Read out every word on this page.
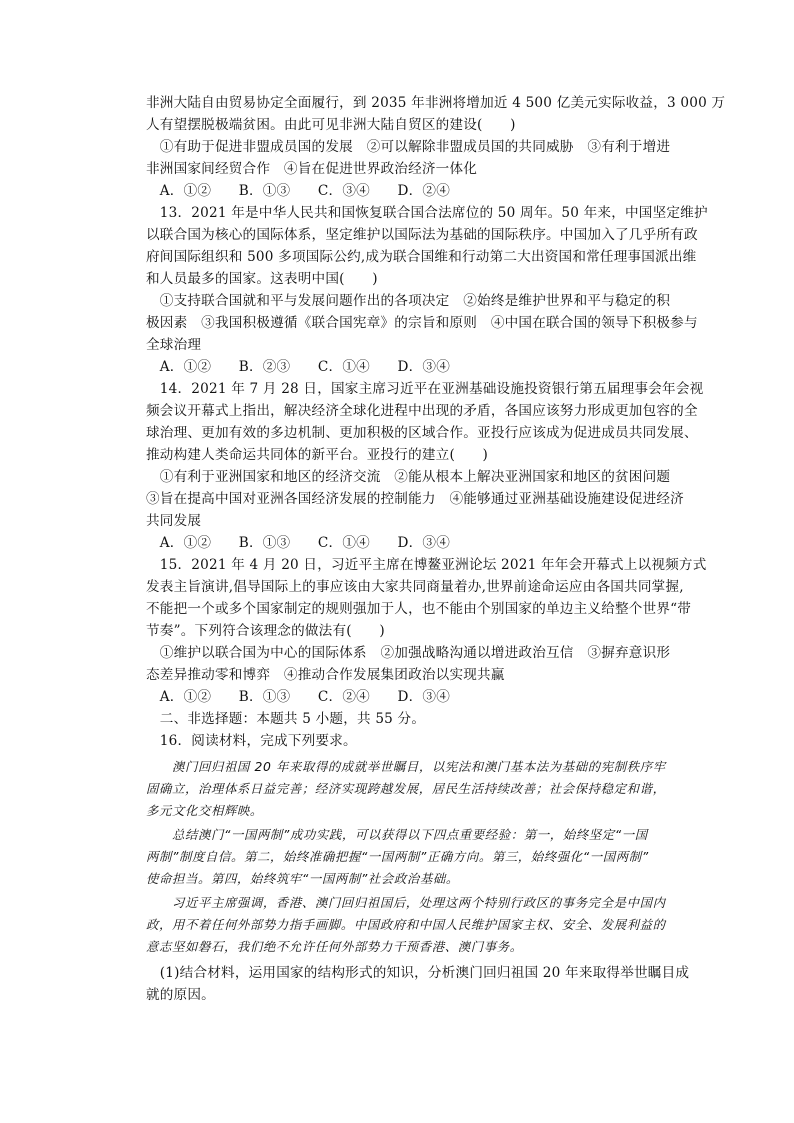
非洲大陆自由贸易协定全面履行，到 2035 年非洲将增加近 4 500 亿美元实际收益，3 000 万
人有望摆脱极端贫困。由此可见非洲大陆自贸区的建设(　　)
　①有助于促进非盟成员国的发展　②可以解除非盟成员国的共同威胁　③有利于增进
非洲国家间经贸合作　④旨在促进世界政治经济一体化
　A．①②　　B．①③　　C．③④　　D．②④
　13．2021 年是中华人民共和国恢复联合国合法席位的 50 周年。50 年来，中国坚定维护
以联合国为核心的国际体系，坚定维护以国际法为基础的国际秩序。中国加入了几乎所有政
府间国际组织和 500 多项国际公约,成为联合国维和行动第二大出资国和常任理事国派出维
和人员最多的国家。这表明中国(　　)
　①支持联合国就和平与发展问题作出的各项决定　②始终是维护世界和平与稳定的积
极因素　③我国积极遵循《联合国宪章》的宗旨和原则　④中国在联合国的领导下积极参与
全球治理
　A．①②　　B．②③　　C．①④　　D．③④
　14．2021 年 7 月 28 日，国家主席习近平在亚洲基础设施投资银行第五届理事会年会视
频会议开幕式上指出，解决经济全球化进程中出现的矛盾，各国应该努力形成更加包容的全
球治理、更加有效的多边机制、更加积极的区域合作。亚投行应该成为促进成员共同发展、
推动构建人类命运共同体的新平台。亚投行的建立(　　)
　①有利于亚洲国家和地区的经济交流　②能从根本上解决亚洲国家和地区的贫困问题
③旨在提高中国对亚洲各国经济发展的控制能力　④能够通过亚洲基础设施建设促进经济
共同发展
　A．①②　　B．①③　　C．①④　　D．③④
　15．2021 年 4 月 20 日，习近平主席在博鳌亚洲论坛 2021 年年会开幕式上以视频方式
发表主旨演讲,倡导国际上的事应该由大家共同商量着办,世界前途命运应由各国共同掌握,
不能把一个或多个国家制定的规则强加于人，也不能由个别国家的单边主义给整个世界“带
节奏”。下列符合该理念的做法有(　　)
　①维护以联合国为中心的国际体系　②加强战略沟通以增进政治互信　③摒弃意识形
态差异推动零和博弈　④推动合作发展集团政治以实现共赢
　A．①②　　B．①③　　C．②④　　D．③④
　二、非选择题：本题共 5 小题，共 55 分。
　16．阅读材料，完成下列要求。
　　澳门回归祖国 20 年来取得的成就举世瞩目，以宪法和澳门基本法为基础的宪制秩序牢
固确立，治理体系日益完善；经济实现跨越发展，居民生活持续改善；社会保持稳定和谐，
多元文化交相辉映。
　　总结澳门“一国两制”成功实践，可以获得以下四点重要经验：第一，始终坚定“一国
两制”制度自信。第二，始终准确把握“一国两制”正确方向。第三，始终强化“一国两制”
使命担当。第四，始终筑牢“一国两制”社会政治基础。
　　习近平主席强调，香港、澳门回归祖国后，处理这两个特别行政区的事务完全是中国内
政，用不着任何外部势力指手画脚。中国政府和中国人民维护国家主权、安全、发展利益的
意志坚如磐石，我们绝不允许任何外部势力干预香港、澳门事务。
　(1)结合材料，运用国家的结构形式的知识，分析澳门回归祖国 20 年来取得举世瞩目成
就的原因。
